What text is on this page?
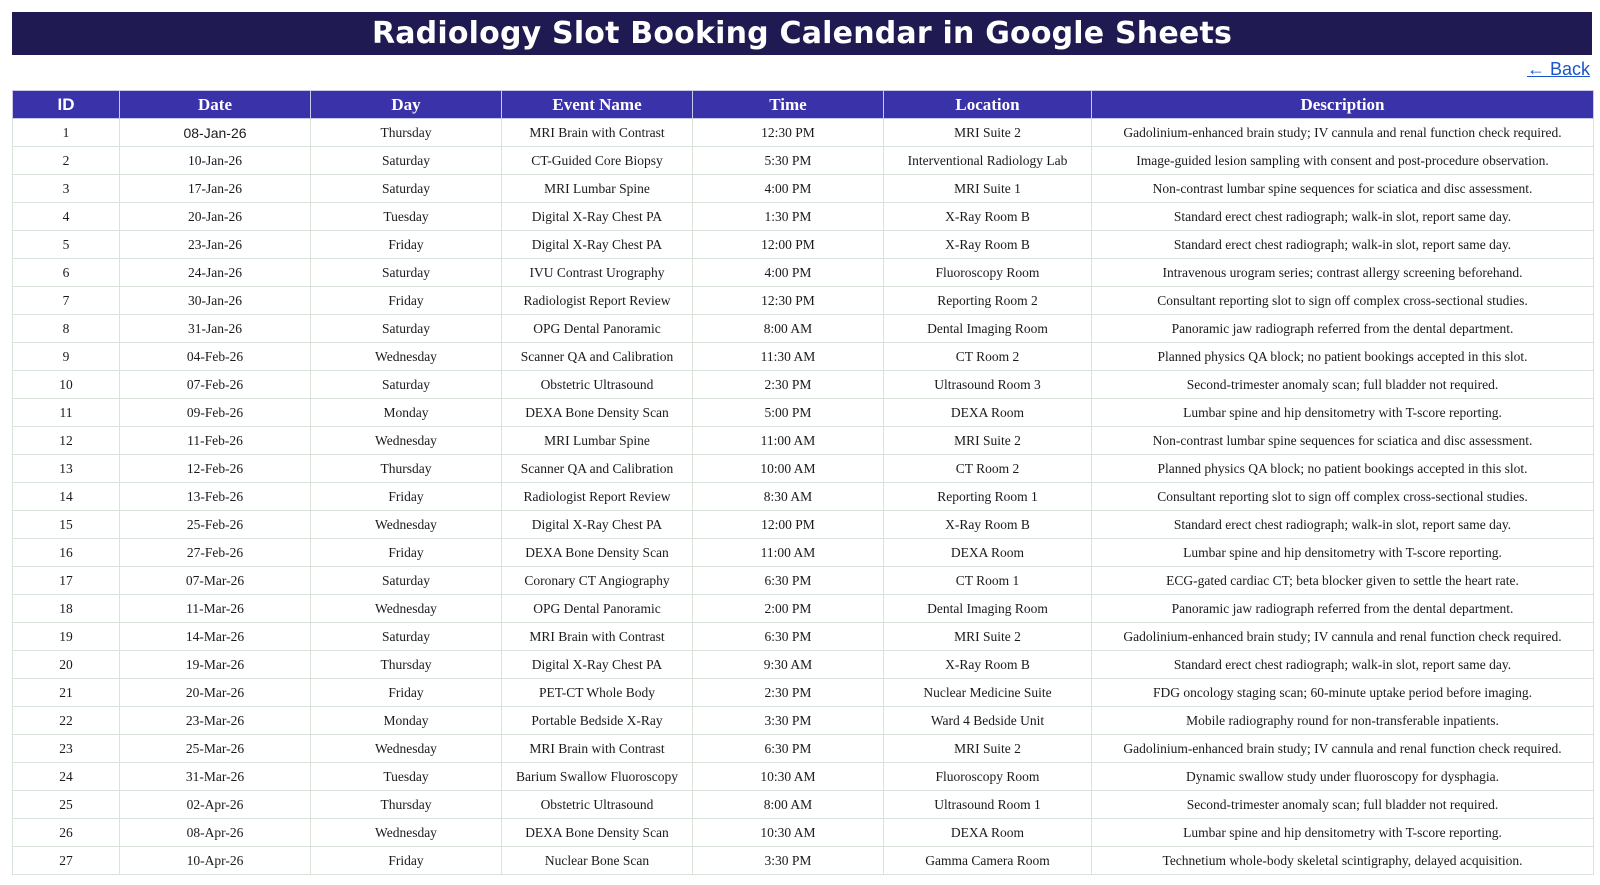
Radiology Slot Booking Calendar in Google Sheets
← Back
ID	Date	Day	Event Name	Time	Location	Description
1	08-Jan-26	Thursday	MRI Brain with Contrast	12:30 PM	MRI Suite 2	Gadolinium-enhanced brain study; IV cannula and renal function check required.
2	10-Jan-26	Saturday	CT-Guided Core Biopsy	5:30 PM	Interventional Radiology Lab	Image-guided lesion sampling with consent and post-procedure observation.
3	17-Jan-26	Saturday	MRI Lumbar Spine	4:00 PM	MRI Suite 1	Non-contrast lumbar spine sequences for sciatica and disc assessment.
4	20-Jan-26	Tuesday	Digital X-Ray Chest PA	1:30 PM	X-Ray Room B	Standard erect chest radiograph; walk-in slot, report same day.
5	23-Jan-26	Friday	Digital X-Ray Chest PA	12:00 PM	X-Ray Room B	Standard erect chest radiograph; walk-in slot, report same day.
6	24-Jan-26	Saturday	IVU Contrast Urography	4:00 PM	Fluoroscopy Room	Intravenous urogram series; contrast allergy screening beforehand.
7	30-Jan-26	Friday	Radiologist Report Review	12:30 PM	Reporting Room 2	Consultant reporting slot to sign off complex cross-sectional studies.
8	31-Jan-26	Saturday	OPG Dental Panoramic	8:00 AM	Dental Imaging Room	Panoramic jaw radiograph referred from the dental department.
9	04-Feb-26	Wednesday	Scanner QA and Calibration	11:30 AM	CT Room 2	Planned physics QA block; no patient bookings accepted in this slot.
10	07-Feb-26	Saturday	Obstetric Ultrasound	2:30 PM	Ultrasound Room 3	Second-trimester anomaly scan; full bladder not required.
11	09-Feb-26	Monday	DEXA Bone Density Scan	5:00 PM	DEXA Room	Lumbar spine and hip densitometry with T-score reporting.
12	11-Feb-26	Wednesday	MRI Lumbar Spine	11:00 AM	MRI Suite 2	Non-contrast lumbar spine sequences for sciatica and disc assessment.
13	12-Feb-26	Thursday	Scanner QA and Calibration	10:00 AM	CT Room 2	Planned physics QA block; no patient bookings accepted in this slot.
14	13-Feb-26	Friday	Radiologist Report Review	8:30 AM	Reporting Room 1	Consultant reporting slot to sign off complex cross-sectional studies.
15	25-Feb-26	Wednesday	Digital X-Ray Chest PA	12:00 PM	X-Ray Room B	Standard erect chest radiograph; walk-in slot, report same day.
16	27-Feb-26	Friday	DEXA Bone Density Scan	11:00 AM	DEXA Room	Lumbar spine and hip densitometry with T-score reporting.
17	07-Mar-26	Saturday	Coronary CT Angiography	6:30 PM	CT Room 1	ECG-gated cardiac CT; beta blocker given to settle the heart rate.
18	11-Mar-26	Wednesday	OPG Dental Panoramic	2:00 PM	Dental Imaging Room	Panoramic jaw radiograph referred from the dental department.
19	14-Mar-26	Saturday	MRI Brain with Contrast	6:30 PM	MRI Suite 2	Gadolinium-enhanced brain study; IV cannula and renal function check required.
20	19-Mar-26	Thursday	Digital X-Ray Chest PA	9:30 AM	X-Ray Room B	Standard erect chest radiograph; walk-in slot, report same day.
21	20-Mar-26	Friday	PET-CT Whole Body	2:30 PM	Nuclear Medicine Suite	FDG oncology staging scan; 60-minute uptake period before imaging.
22	23-Mar-26	Monday	Portable Bedside X-Ray	3:30 PM	Ward 4 Bedside Unit	Mobile radiography round for non-transferable inpatients.
23	25-Mar-26	Wednesday	MRI Brain with Contrast	6:30 PM	MRI Suite 2	Gadolinium-enhanced brain study; IV cannula and renal function check required.
24	31-Mar-26	Tuesday	Barium Swallow Fluoroscopy	10:30 AM	Fluoroscopy Room	Dynamic swallow study under fluoroscopy for dysphagia.
25	02-Apr-26	Thursday	Obstetric Ultrasound	8:00 AM	Ultrasound Room 1	Second-trimester anomaly scan; full bladder not required.
26	08-Apr-26	Wednesday	DEXA Bone Density Scan	10:30 AM	DEXA Room	Lumbar spine and hip densitometry with T-score reporting.
27	10-Apr-26	Friday	Nuclear Bone Scan	3:30 PM	Gamma Camera Room	Technetium whole-body skeletal scintigraphy, delayed acquisition.
